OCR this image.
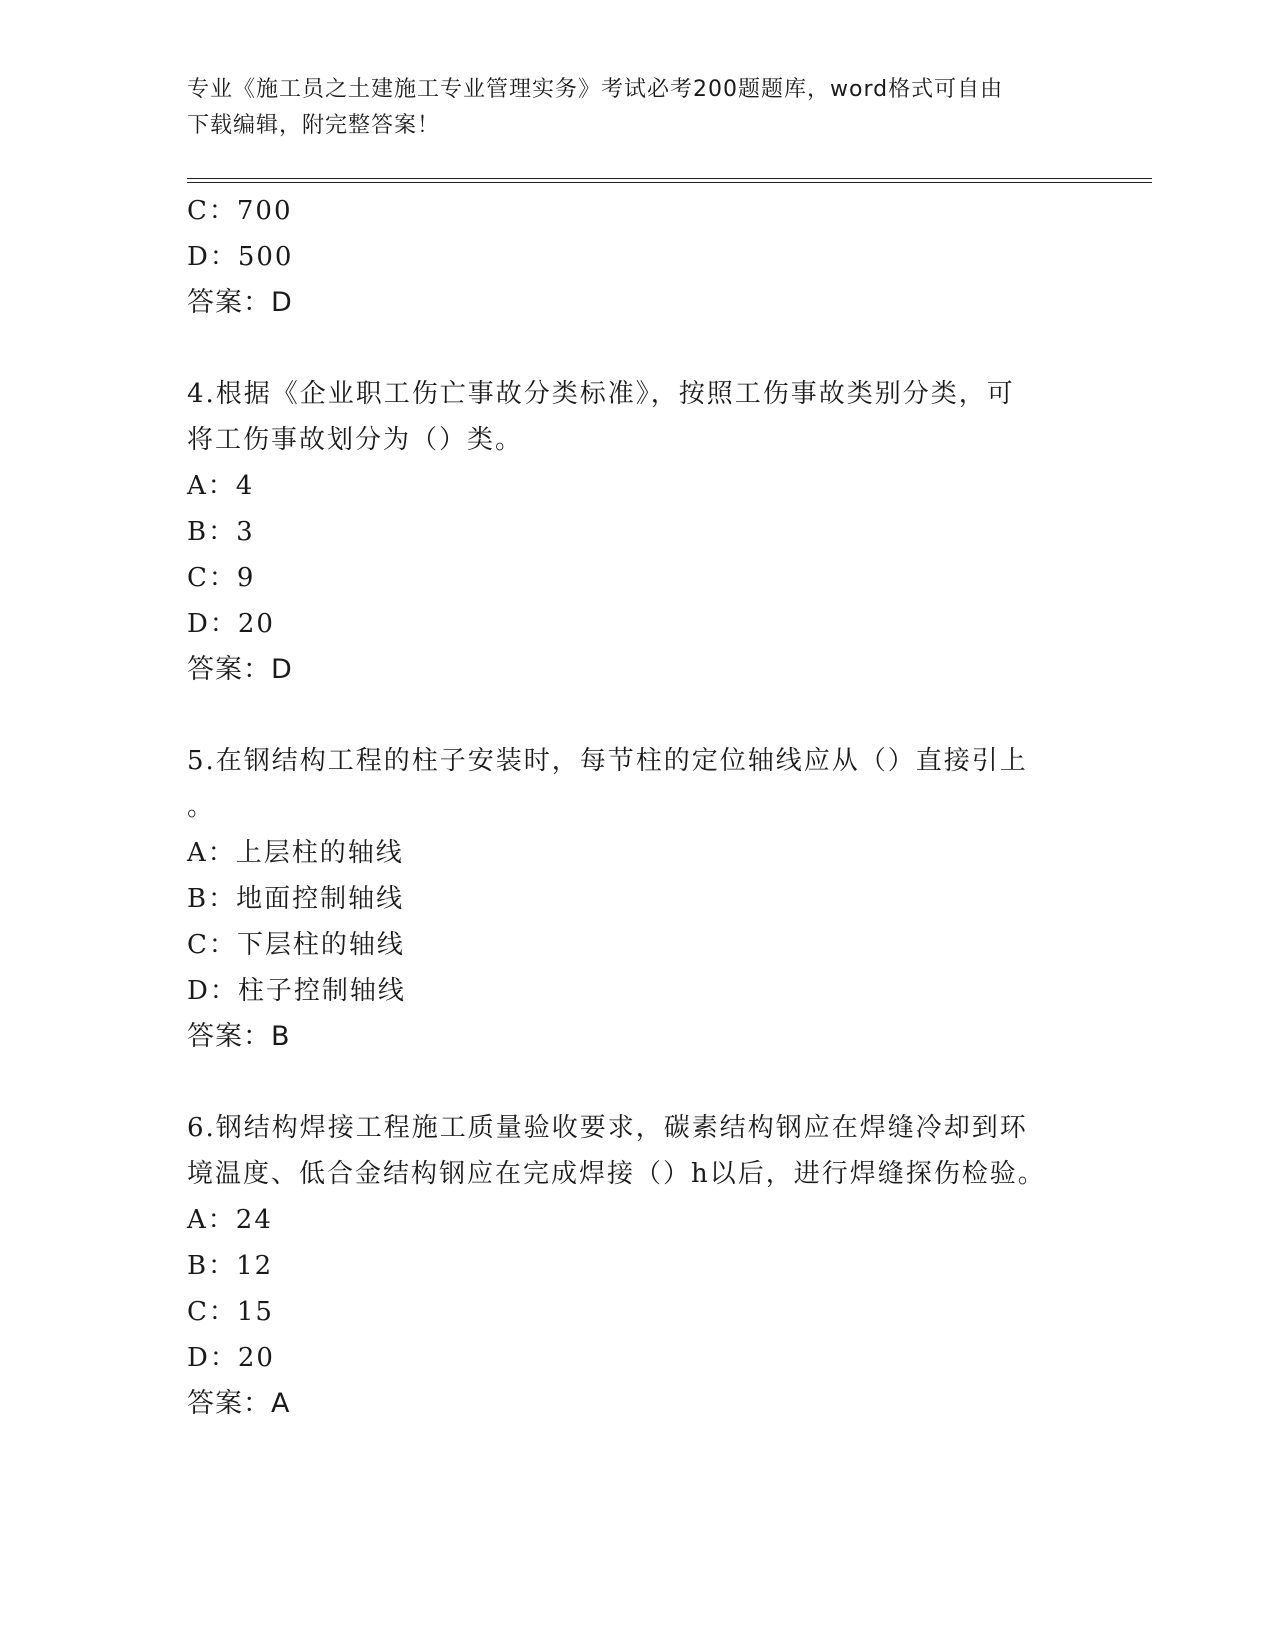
专业《施工员之土建施工专业管理实务》考试必考200题题库，word格式可自由
下载编辑，附完整答案！
C：700
D：500
答案：D
4.根据《企业职工伤亡事故分类标准》，按照工伤事故类别分类，可
将工伤事故划分为（）类。
A：4
B：3
C：9
D：20
答案：D
5.在钢结构工程的柱子安装时，每节柱的定位轴线应从（）直接引上
。
A：上层柱的轴线
B：地面控制轴线
C：下层柱的轴线
D：柱子控制轴线
答案：B
6.钢结构焊接工程施工质量验收要求，碳素结构钢应在焊缝冷却到环
境温度、低合金结构钢应在完成焊接（）h以后，进行焊缝探伤检验。
A：24
B：12
C：15
D：20
答案：A
